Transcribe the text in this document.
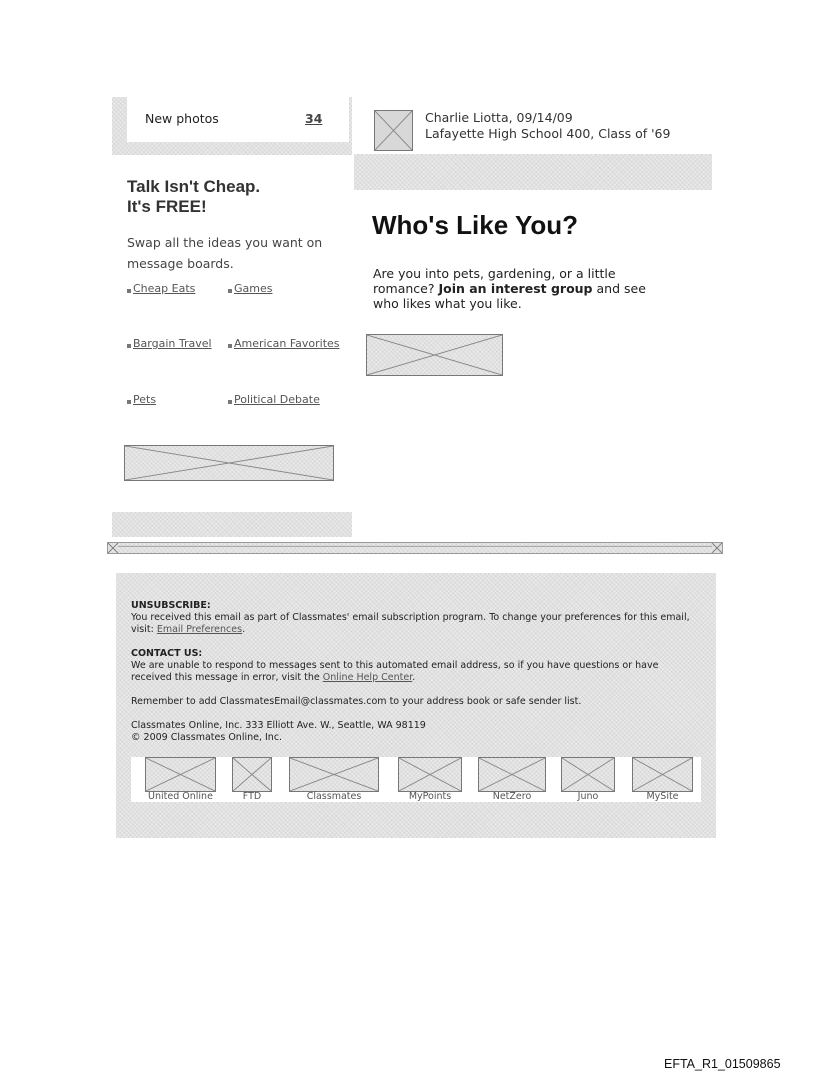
New photos	34	Charlie Liotta, 09/14/09
Lafayette High School 400, Class of '69
Talk Isn't Cheap.
It's FREE!
Swap all the ideas you want on message boards.
Cheap Eats	Games
Bargain Travel	American Favorites
Pets	Political Debate
Who's Like You?
Are you into pets, gardening, or a little romance? Join an interest group and see who likes what you like.
UNSUBSCRIBE:
You received this email as part of Classmates' email subscription program. To change your preferences for this email, visit: Email Preferences.
CONTACT US:
We are unable to respond to messages sent to this automated email address, so if you have questions or have received this message in error, visit the Online Help Center.
Remember to add ClassmatesEmail@classmates.com to your address book or safe sender list.
Classmates Online, Inc. 333 Elliott Ave. W., Seattle, WA 98119
© 2009 Classmates Online, Inc.
United Online	FTD	Classmates	MyPoints	NetZero	Juno	MySite
EFTA_R1_01509865
